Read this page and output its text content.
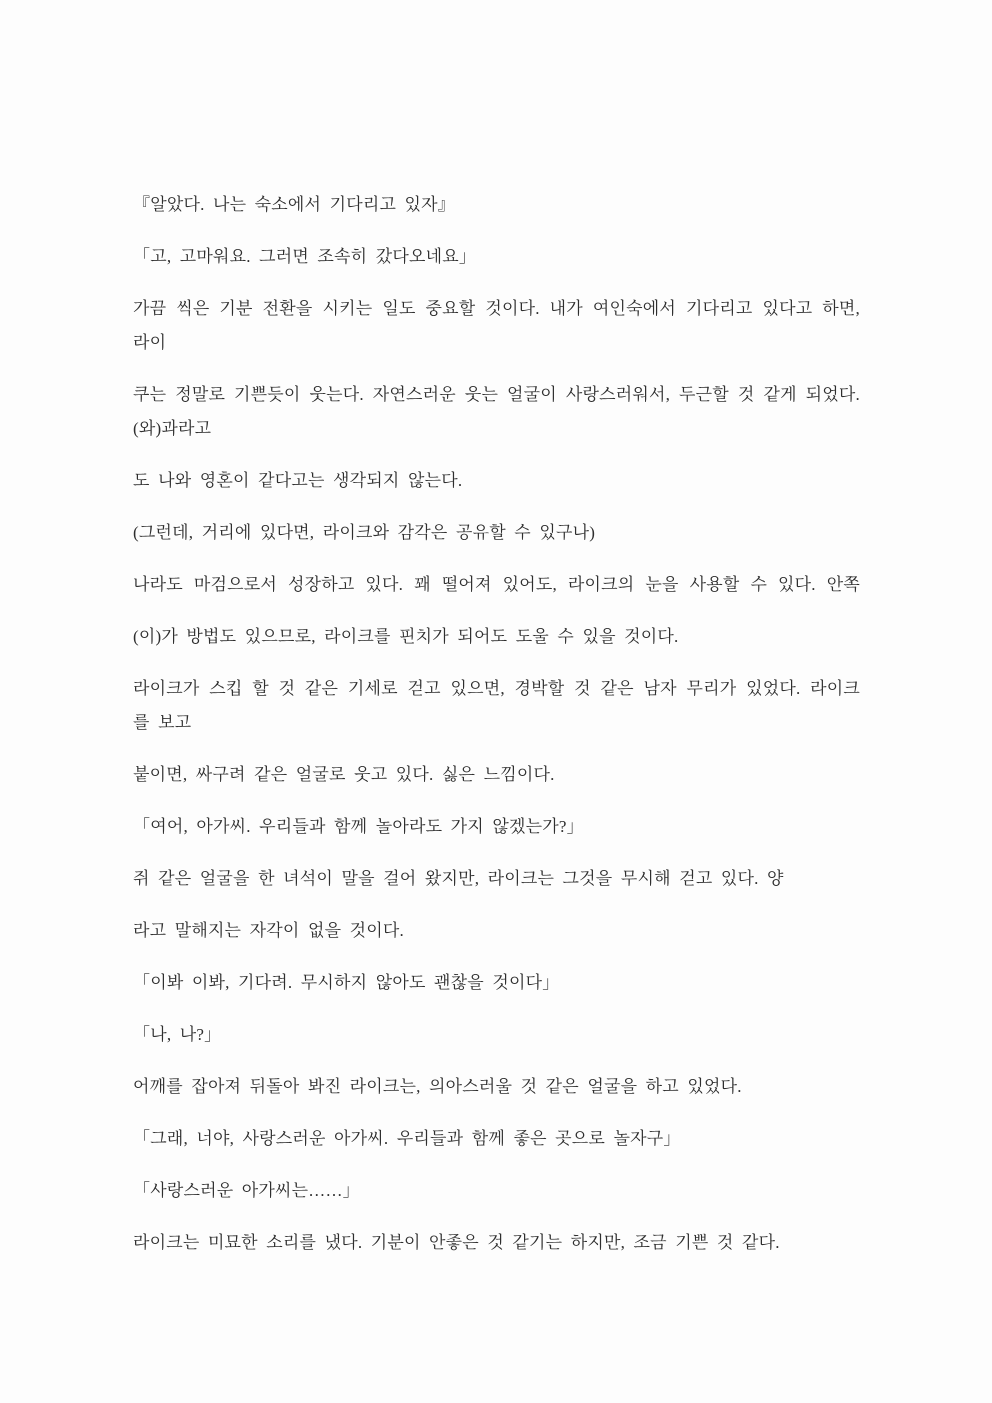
『알았다. 나는 숙소에서 기다리고 있자』
「고, 고마워요. 그러면 조속히 갔다오네요」
가끔 씩은 기분 전환을 시키는 일도 중요할 것이다. 내가 여인숙에서 기다리고 있다고 하면,
라이
쿠는 정말로 기쁜듯이 웃는다. 자연스러운 웃는 얼굴이 사랑스러워서, 두근할 것 같게 되었다.
(와)과라고
도 나와 영혼이 같다고는 생각되지 않는다.
(그런데, 거리에 있다면, 라이크와 감각은 공유할 수 있구나)
나라도 마검으로서 성장하고 있다. 꽤 떨어져 있어도, 라이크의 눈을 사용할 수 있다. 안쪽
(이)가 방법도 있으므로, 라이크를 핀치가 되어도 도울 수 있을 것이다.
라이크가 스킵 할 것 같은 기세로 걷고 있으면, 경박할 것 같은 남자 무리가 있었다. 라이크
를 보고
붙이면, 싸구려 같은 얼굴로 웃고 있다. 싫은 느낌이다.
「여어, 아가씨. 우리들과 함께 놀아라도 가지 않겠는가?」
쥐 같은 얼굴을 한 녀석이 말을 걸어 왔지만, 라이크는 그것을 무시해 걷고 있다. 양
라고 말해지는 자각이 없을 것이다.
「이봐 이봐, 기다려. 무시하지 않아도 괜찮을 것이다」
「나, 나?」
어깨를 잡아져 뒤돌아 봐진 라이크는, 의아스러울 것 같은 얼굴을 하고 있었다.
「그래, 너야, 사랑스러운 아가씨. 우리들과 함께 좋은 곳으로 놀자구」
「사랑스러운 아가씨는……」
라이크는 미묘한 소리를 냈다. 기분이 안좋은 것 같기는 하지만, 조금 기쁜 것 같다.
